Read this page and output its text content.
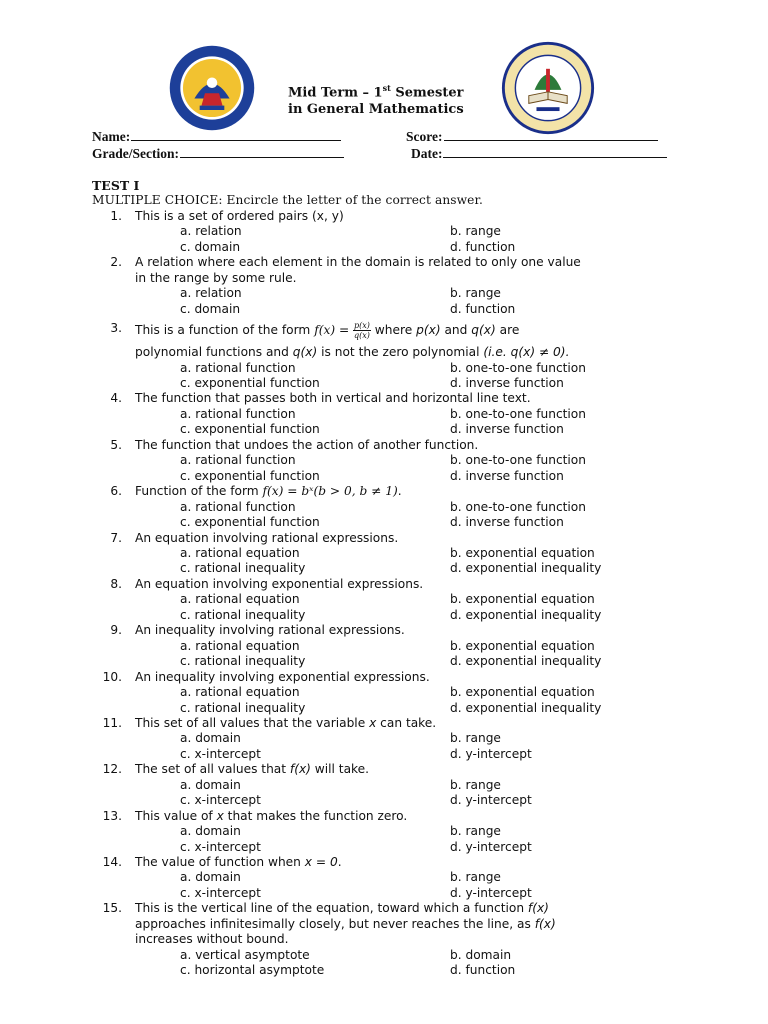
Mid Term – 1st Semester
in General Mathematics
Name:	Score:
Grade/Section:	Date:
TEST I
MULTIPLE CHOICE: Encircle the letter of the correct answer.
1. This is a set of ordered pairs (x, y)
a. relation	b. range
c. domain	d. function
2. A relation where each element in the domain is related to only one value
in the range by some rule.
a. relation	b. range
c. domain	d. function
3. This is a function of the form $f(x) = \frac{p(x)}{q(x)}$ where p(x) and q(x) are
polynomial functions and q(x) is not the zero polynomial (i.e. q(x) ≠ 0).
a. rational function	b. one-to-one function
c. exponential function	d. inverse function
4. The function that passes both in vertical and horizontal line text.
a. rational function	b. one-to-one function
c. exponential function	d. inverse function
5. The function that undoes the action of another function.
a. rational function	b. one-to-one function
c. exponential function	d. inverse function
6. Function of the form f(x) = bˣ(b > 0, b ≠ 1).
a. rational function	b. one-to-one function
c. exponential function	d. inverse function
7. An equation involving rational expressions.
a. rational equation	b. exponential equation
c. rational inequality	d. exponential inequality
8. An equation involving exponential expressions.
a. rational equation	b. exponential equation
c. rational inequality	d. exponential inequality
9. An inequality involving rational expressions.
a. rational equation	b. exponential equation
c. rational inequality	d. exponential inequality
10. An inequality involving exponential expressions.
a. rational equation	b. exponential equation
c. rational inequality	d. exponential inequality
11. This set of all values that the variable x can take.
a. domain	b. range
c. x-intercept	d. y-intercept
12. The set of all values that f(x) will take.
a. domain	b. range
c. x-intercept	d. y-intercept
13. This value of x that makes the function zero.
a. domain	b. range
c. x-intercept	d. y-intercept
14. The value of function when x = 0.
a. domain	b. range
c. x-intercept	d. y-intercept
15. This is the vertical line of the equation, toward which a function f(x)
approaches infinitesimally closely, but never reaches the line, as f(x)
increases without bound.
a. vertical asymptote	b. domain
c. horizontal asymptote	d. function
